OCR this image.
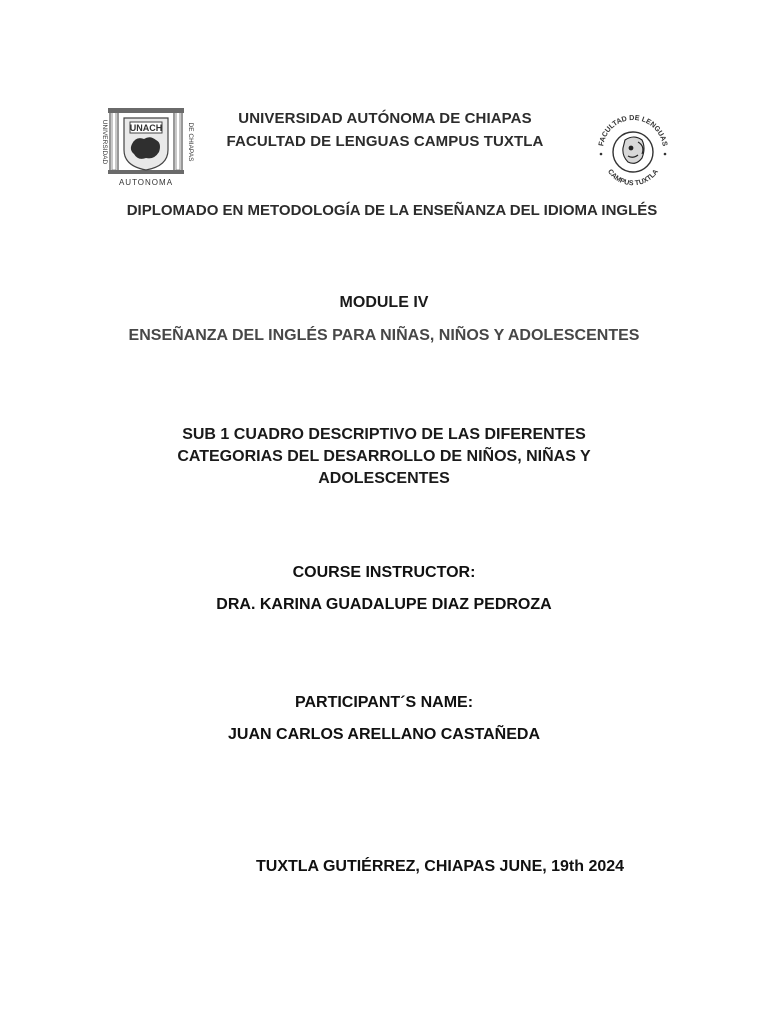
UNACH
UNIVERSIDAD	DE CHIAPAS
AUTONOMA
UNIVERSIDAD AUTÓNOMA DE CHIAPAS
FACULTAD DE LENGUAS CAMPUS TUXTLA	FACULTAD DE LENGUAS
CAMPUS TUXTLA
DIPLOMADO EN METODOLOGÍA DE LA ENSEÑANZA DEL IDIOMA INGLÉS
MODULE IV
ENSEÑANZA DEL INGLÉS PARA NIÑAS, NIÑOS Y ADOLESCENTES
SUB 1 CUADRO DESCRIPTIVO DE LAS DIFERENTES
CATEGORIAS DEL DESARROLLO DE NIÑOS, NIÑAS Y
ADOLESCENTES
COURSE INSTRUCTOR:
DRA. KARINA GUADALUPE DIAZ PEDROZA
PARTICIPANT´S NAME:
JUAN CARLOS ARELLANO CASTAÑEDA
TUXTLA GUTIÉRREZ, CHIAPAS JUNE, 19th 2024
